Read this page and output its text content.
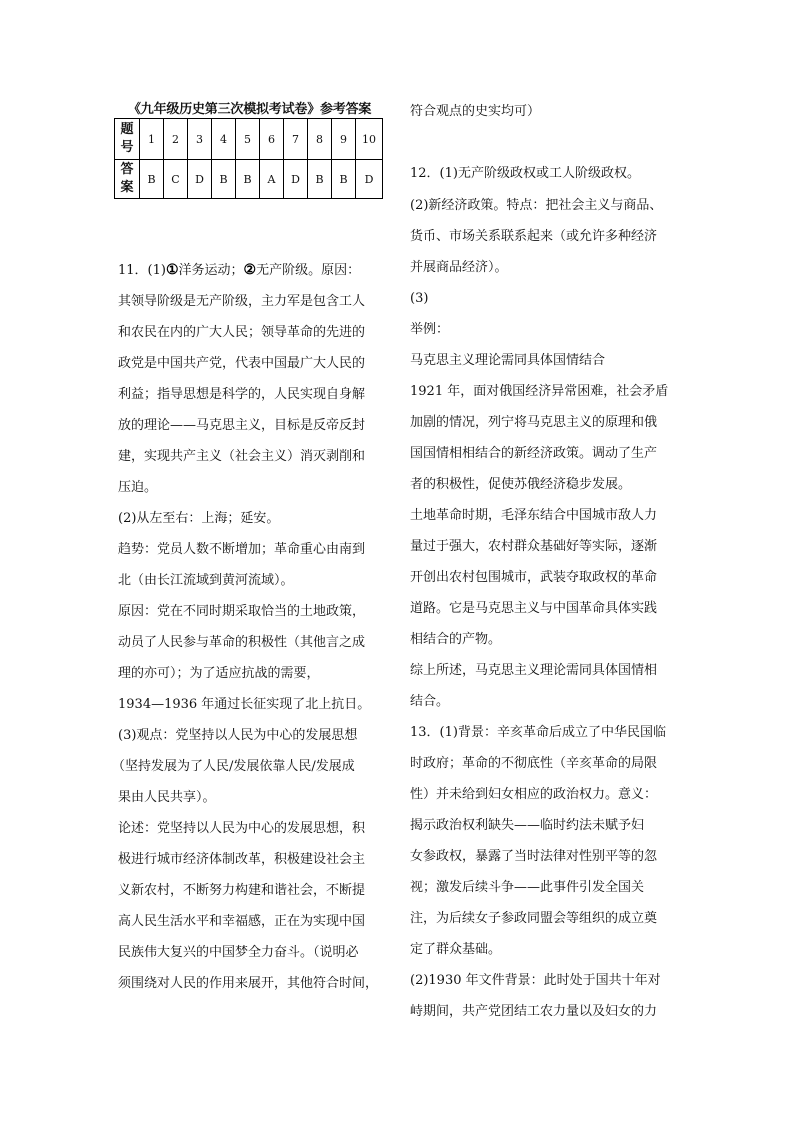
《九年级历史第三次模拟考试卷》参考答案
题
号	1	2	3	4	5	6	7	8	9	10
答
案	B	C	D	B	B	A	D	B	B	D
11．(1)①洋务运动；②无产阶级。原因：
其领导阶级是无产阶级，主力军是包含工人
和农民在内的广大人民；领导革命的先进的
政党是中国共产党，代表中国最广大人民的
利益；指导思想是科学的，人民实现自身解
放的理论——马克思主义，目标是反帝反封
建，实现共产主义（社会主义）消灭剥削和
压迫。
(2)从左至右：上海；延安。
趋势：党员人数不断增加；革命重心由南到
北（由长江流域到黄河流域）。
原因：党在不同时期采取恰当的土地政策，
动员了人民参与革命的积极性（其他言之成
理的亦可）；为了适应抗战的需要，
1934—1936 年通过长征实现了北上抗日。
(3)观点：党坚持以人民为中心的发展思想
（坚持发展为了人民/发展依靠人民/发展成
果由人民共享）。
论述：党坚持以人民为中心的发展思想，积
极进行城市经济体制改革，积极建设社会主
义新农村，不断努力构建和谐社会，不断提
高人民生活水平和幸福感，正在为实现中国
民族伟大复兴的中国梦全力奋斗。（说明必
须围绕对人民的作用来展开，其他符合时间，
符合观点的史实均可）
12．(1)无产阶级政权或工人阶级政权。
(2)新经济政策。特点：把社会主义与商品、
货币、市场关系联系起来（或允许多种经济
并展商品经济）。
(3)
举例：
马克思主义理论需同具体国情结合
1921 年，面对俄国经济异常困难，社会矛盾
加剧的情况，列宁将马克思主义的原理和俄
国国情相相结合的新经济政策。调动了生产
者的积极性，促使苏俄经济稳步发展。
土地革命时期，毛泽东结合中国城市敌人力
量过于强大，农村群众基础好等实际，逐渐
开创出农村包围城市，武装夺取政权的革命
道路。它是马克思主义与中国革命具体实践
相结合的产物。
综上所述，马克思主义理论需同具体国情相
结合。
13．(1)背景：辛亥革命后成立了中华民国临
时政府；革命的不彻底性（辛亥革命的局限
性）并未给到妇女相应的政治权力。意义：
揭示政治权利缺失——临时约法未赋予妇
女参政权，暴露了当时法律对性别平等的忽
视；激发后续斗争——此事件引发全国关
注，为后续女子参政同盟会等组织的成立奠
定了群众基础。
(2)1930 年文件背景：此时处于国共十年对
峙期间，共产党团结工农力量以及妇女的力
